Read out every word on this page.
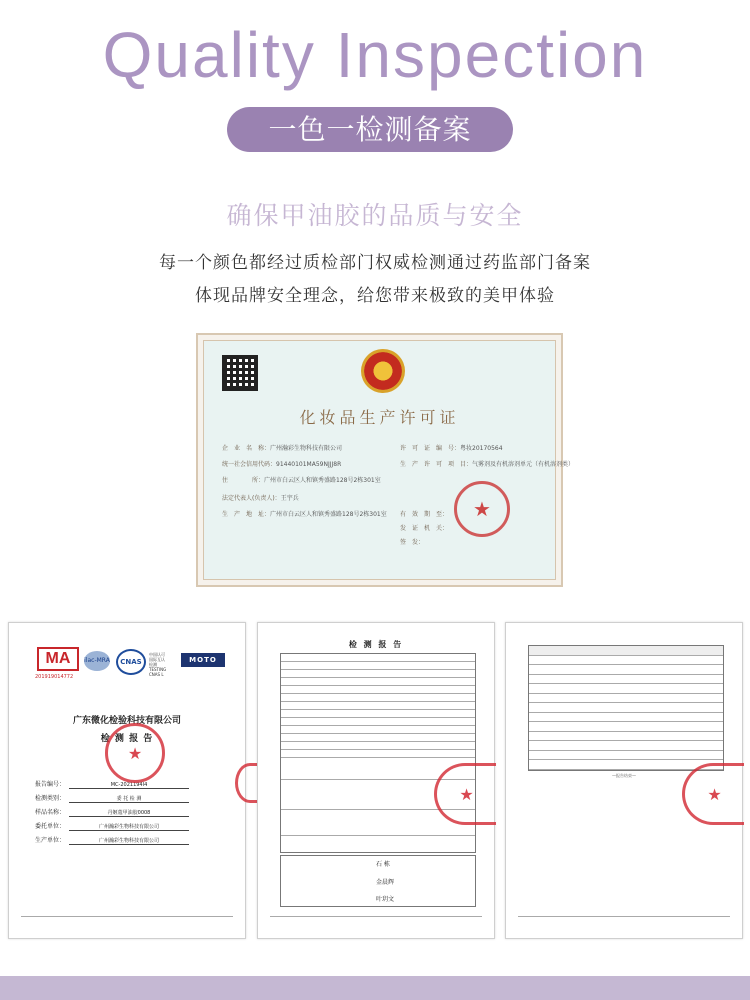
Quality Inspection
一色一检测备案
确保甲油胶的品质与安全
每一个颜色都经过质检部门权威检测通过药监部门备案
体现品牌安全理念，给您带来极致的美甲体验
化妆品生产许可证
企　业　名　称：广州瀚彩生物科技有限公司
统一社会信用代码：91440101MA59NJJJ8R
住　　　　所：广州市白云区人和镇秀盛路128号2栋301室
法定代表人(负责人)：王宇兵
生　产　地　址：广州市白云区人和镇秀盛路128号2栋301室
许　可　证　编　号：粤妆20170564
生　产　许　可　项　目：气雾剂及有机溶剂单元（有机溶剂类）
有　效　期　至：
发　证　机　关：
签　发：
★
MA
201919014772
ilac-MRA	CNAS
中国认可
国际互认
检测
TESTING
CNAS L
MOTO
广东微化检验科技有限公司
检 测 报 告
报告编号：	MC-2021194I4
检测类别：	委 托 检 测
样品名称：	丹姬蔻甲油胶0008
委托单位：	广州瀚彩生物科技有限公司
生产单位：	广州瀚彩生物科技有限公司
★
检 测 报 告
石 栋
金晨辉
叶玥文
★
—报告结束—
★
